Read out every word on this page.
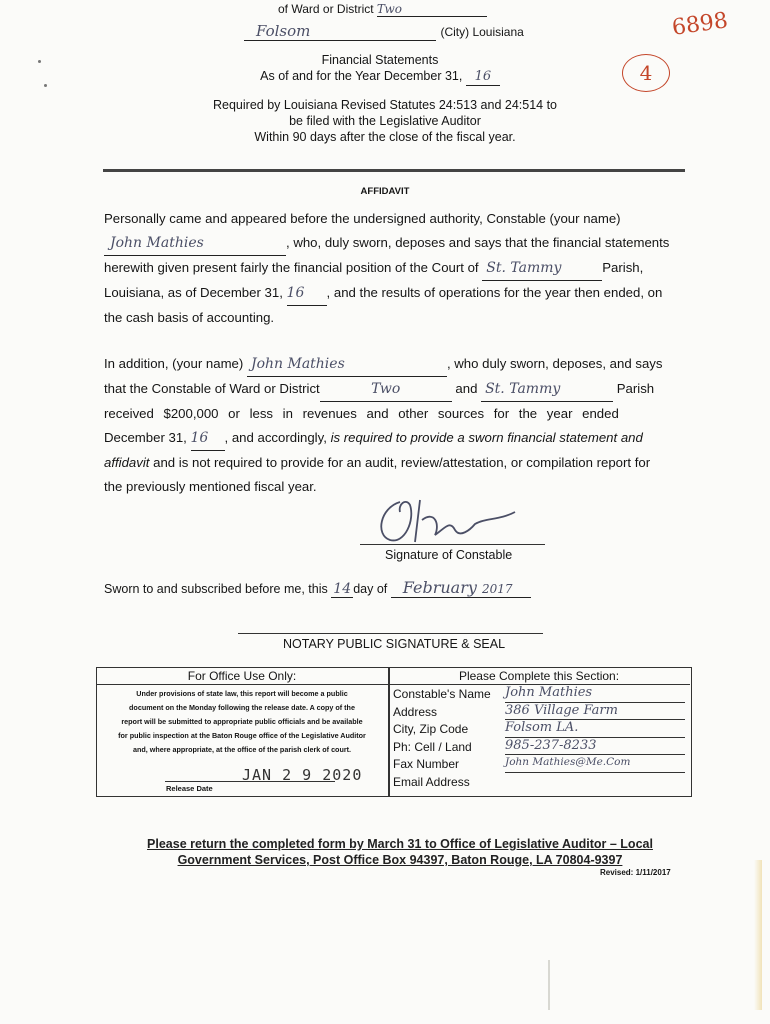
of Ward or District Two
Folsom	(City) Louisiana	6898
4
Financial Statements
As of and for the Year December 31, 16
Required by Louisiana Revised Statutes 24:513 and 24:514 to
be filed with the Legislative Auditor
Within 90 days after the close of the fiscal year.
AFFIDAVIT
Personally came and appeared before the undersigned authority, Constable (your name)
John Mathies	, who, duly sworn, deposes and says that the financial statements
herewith given present fairly the financial position of the Court of St. Tammy	Parish,
Louisiana, as of December 31, 16 , and the results of operations for the year then ended, on
the cash basis of accounting.
In addition, (your name) John Mathies	, who duly sworn, deposes, and says
that the Constable of Ward or District	Two	and St. Tammy	Parish
received $200,000 or less in revenues and other sources for the year ended
December 31, 16 , and accordingly, is required to provide a sworn financial statement and
affidavit and is not required to provide for an audit, review/attestation, or compilation report for
the previously mentioned fiscal year.
Signature of Constable
Sworn to and subscribed before me, this 14 day of February 2017
NOTARY PUBLIC SIGNATURE & SEAL
For Office Use Only:
Under provisions of state law, this report will become a public
document on the Monday following the release date. A copy of the
report will be submitted to appropriate public officials and be available
for public inspection at the Baton Rouge office of the Legislative Auditor
and, where appropriate, at the office of the parish clerk of court.
JAN 2 9 2020
Release Date
Please Complete this Section:
Constable's Name John Mathies
Address	386 Village Farm
City, Zip Code	Folsom LA.
Ph: Cell / Land	985-237-8233
Fax Number	John Mathies@Me.Com
Email Address
Please return the completed form by March 31 to Office of Legislative Auditor – Local
Government Services, Post Office Box 94397, Baton Rouge, LA 70804-9397
Revised: 1/11/2017
